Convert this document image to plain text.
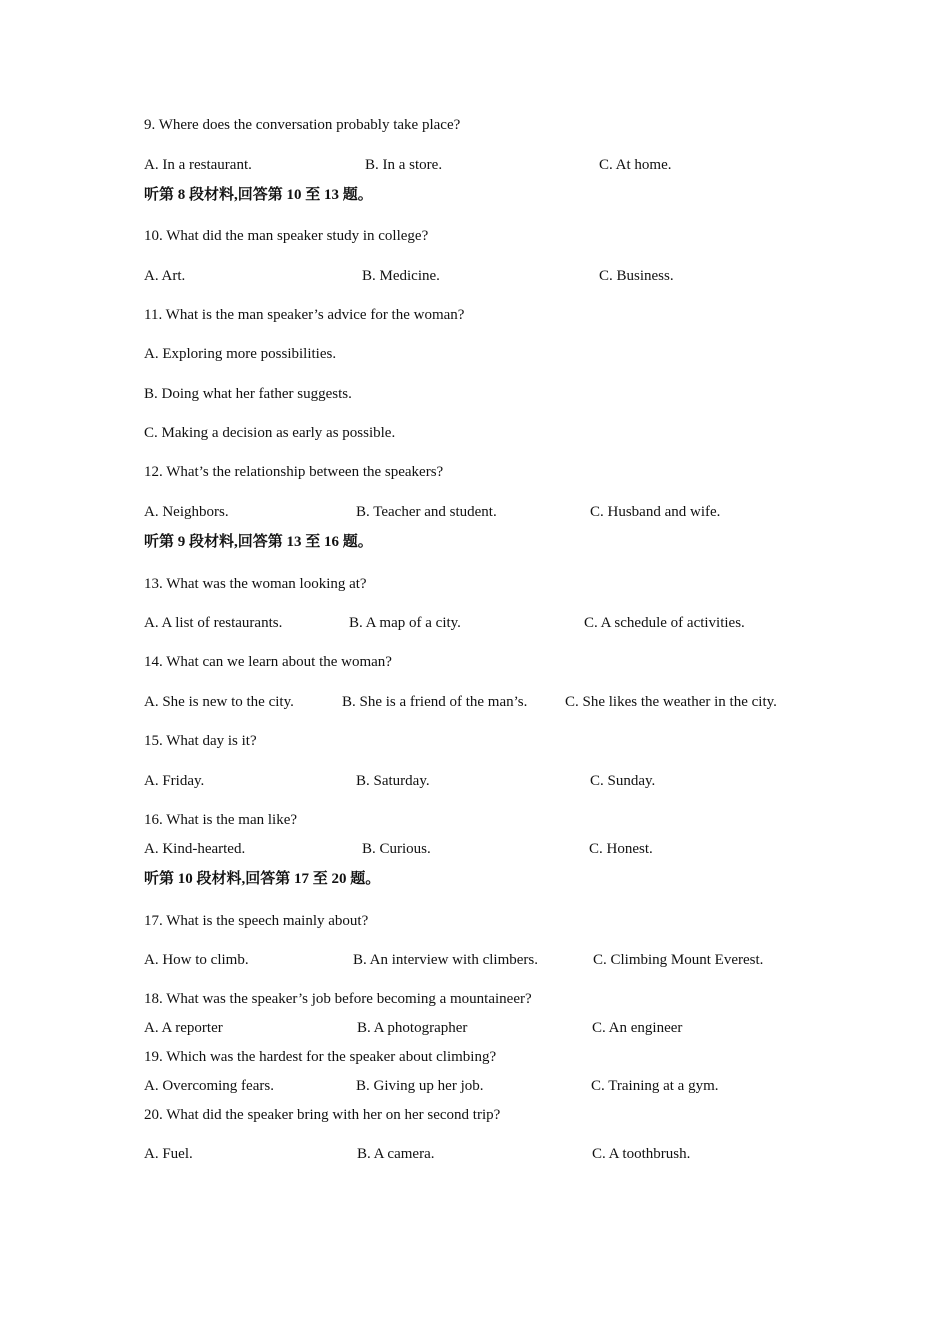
9. Where does the conversation probably take place?
A. In a restaurant.	B. In a store.	C. At home.
听第 8 段材料,回答第 10 至 13 题。
10. What did the man speaker study in college?
A. Art.	B. Medicine.	C. Business.
11. What is the man speaker’s advice for the woman?
A. Exploring more possibilities.
B. Doing what her father suggests.
C. Making a decision as early as possible.
12. What’s the relationship between the speakers?
A. Neighbors.	B. Teacher and student.	C. Husband and wife.
听第 9 段材料,回答第 13 至 16 题。
13. What was the woman looking at?
A. A list of restaurants.	B. A map of a city.	C. A schedule of activities.
14. What can we learn about the woman?
A. She is new to the city.	B. She is a friend of the man’s.	C. She likes the weather in the city.
15. What day is it?
A. Friday.	B. Saturday.	C. Sunday.
16. What is the man like?
A. Kind-hearted.	B. Curious.	C. Honest.
听第 10 段材料,回答第 17 至 20 题。
17. What is the speech mainly about?
A. How to climb.	B. An interview with climbers.	C. Climbing Mount Everest.
18. What was the speaker’s job before becoming a mountaineer?
A. A reporter	B. A photographer	C. An engineer
19. Which was the hardest for the speaker about climbing?
A. Overcoming fears.	B. Giving up her job.	C. Training at a gym.
20. What did the speaker bring with her on her second trip?
A. Fuel.	B. A camera.	C. A toothbrush.
